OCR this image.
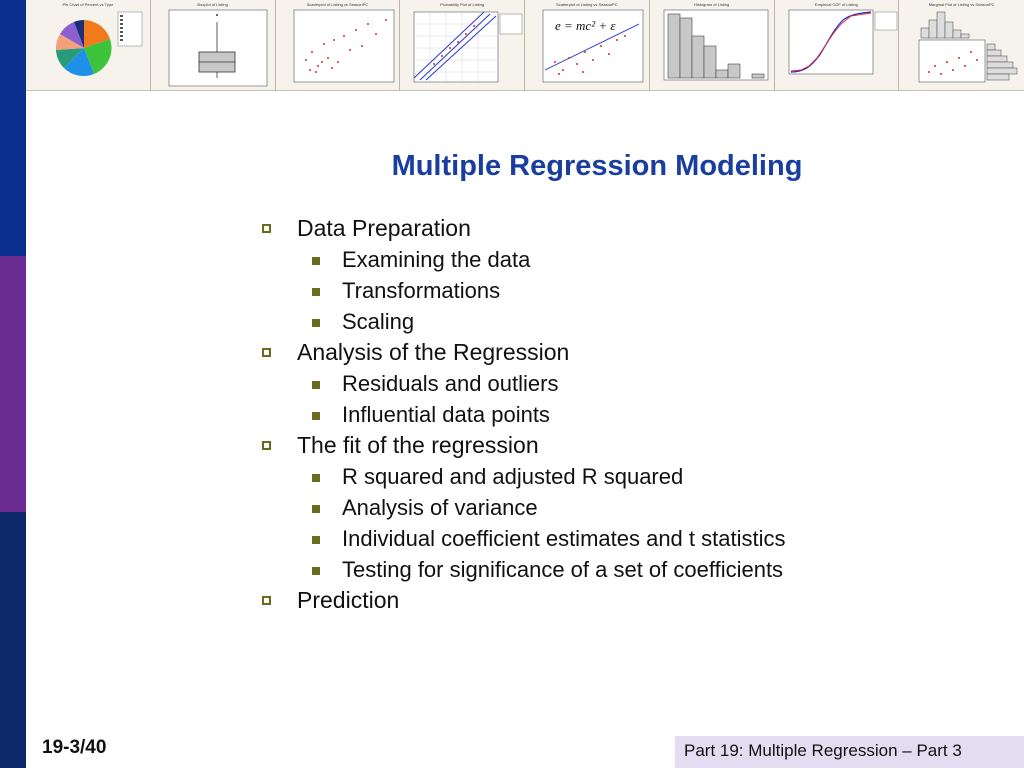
Pie Chart of Percent vs Type	Boxplot of Listing	Scatterplot of Listing vs SeasonPC	Probability Plot of Listing	Scatterplot of Listing vs SeasonPC
e = mc² + ε
Histogram of Listing	Empirical CDF of Listing	Marginal Plot of Listing vs SeasonPC
Multiple Regression Modeling
Data Preparation
Examining the data
Transformations
Scaling
Analysis of the Regression
Residuals and outliers
Influential data points
The fit of the regression
R squared and adjusted R squared
Analysis of variance
Individual coefficient estimates and t statistics
Testing for significance of a set of coefficients
Prediction
19-3/40	Part 19: Multiple Regression – Part 3
